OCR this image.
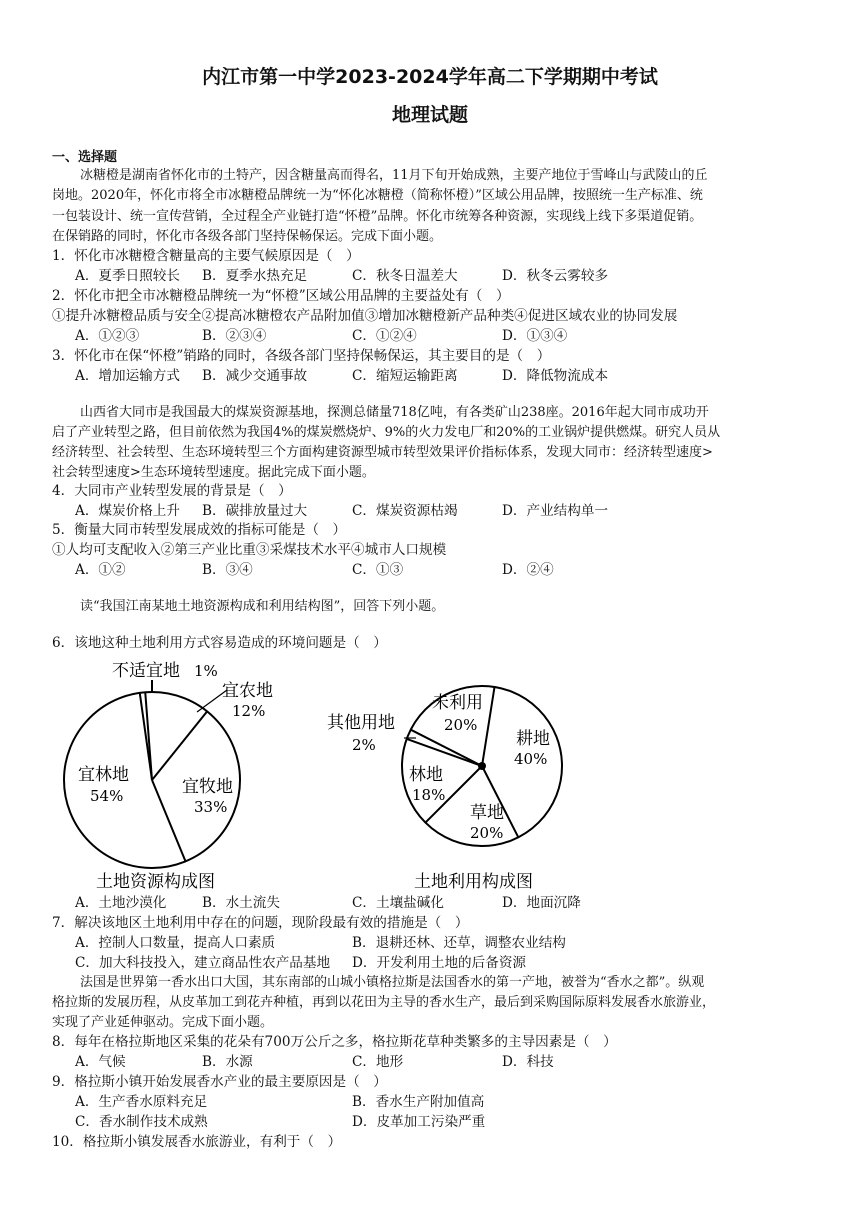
内江市第一中学2023-2024学年高二下学期期中考试
地理试题
一、选择题
冰糖橙是湖南省怀化市的土特产，因含糖量高而得名，11月下旬开始成熟，主要产地位于雪峰山与武陵山的丘
岗地。2020年，怀化市将全市冰糖橙品牌统一为“怀化冰糖橙（简称怀橙）”区域公用品牌，按照统一生产标准、统
一包装设计、统一宣传营销，全过程全产业链打造“怀橙”品牌。怀化市统筹各种资源，实现线上线下多渠道促销。
在保销路的同时，怀化市各级各部门坚持保畅保运。完成下面小题。
1．怀化市冰糖橙含糖量高的主要气候原因是（　）
A．夏季日照较长 B．夏季水热充足	C．秋冬日温差大	D．秋冬云雾较多
2．怀化市把全市冰糖橙品牌统一为“怀橙”区域公用品牌的主要益处有（　）
①提升冰糖橙品质与安全②提高冰糖橙农产品附加值③增加冰糖橙新产品种类④促进区域农业的协同发展
A．①②③	B．②③④	C．①②④	D．①③④
3．怀化市在保“怀橙”销路的同时，各级各部门坚持保畅保运，其主要目的是（　）
A．增加运输方式 B．减少交通事故	C．缩短运输距离	D．降低物流成本
山西省大同市是我国最大的煤炭资源基地，探测总储量718亿吨，有各类矿山238座。2016年起大同市成功开
启了产业转型之路，但目前依然为我国4%的煤炭燃烧炉、9%的火力发电厂和20%的工业锅炉提供燃煤。研究人员从
经济转型、社会转型、生态环境转型三个方面构建资源型城市转型效果评价指标体系，发现大同市：经济转型速度>
社会转型速度>生态环境转型速度。据此完成下面小题。
4．大同市产业转型发展的背景是（　）
A．煤炭价格上升 B．碳排放量过大	C．煤炭资源枯竭	D．产业结构单一
5．衡量大同市转型发展成效的指标可能是（　）
①人均可支配收入②第三产业比重③采煤技术水平④城市人口规模
A．①②	B．③④	C．①③	D．②④
读“我国江南某地土地资源构成和利用结构图”，回答下列小题。
6．该地这种土地利用方式容易造成的环境问题是（　）
不适宜地 1%
宜农地
12%
宜牧地
33%
宜林地
54%
土地资源构成图
耕地
40%
草地
20%
林地
18%
其他用地
2%
未利用
20%
土地利用构成图
A．土地沙漠化	B．水土流失	C．土壤盐碱化	D．地面沉降
7．解决该地区土地利用中存在的问题，现阶段最有效的措施是（　）
A．控制人口数量，提高人口素质	B．退耕还林、还草，调整农业结构
C．加大科技投入，建立商品性农产品基地 D．开发利用土地的后备资源
法国是世界第一香水出口大国，其东南部的山城小镇格拉斯是法国香水的第一产地，被誉为“香水之都”。纵观
格拉斯的发展历程，从皮革加工到花卉种植，再到以花田为主导的香水生产，最后到采购国际原料发展香水旅游业，
实现了产业延伸驱动。完成下面小题。
8．每年在格拉斯地区采集的花朵有700万公斤之多，格拉斯花草种类繁多的主导因素是（　）
A．气候	B．水源	C．地形	D．科技
9．格拉斯小镇开始发展香水产业的最主要原因是（　）
A．生产香水原料充足	B．香水生产附加值高
C．香水制作技术成熟	D．皮革加工污染严重
10．格拉斯小镇发展香水旅游业，有利于（　）
